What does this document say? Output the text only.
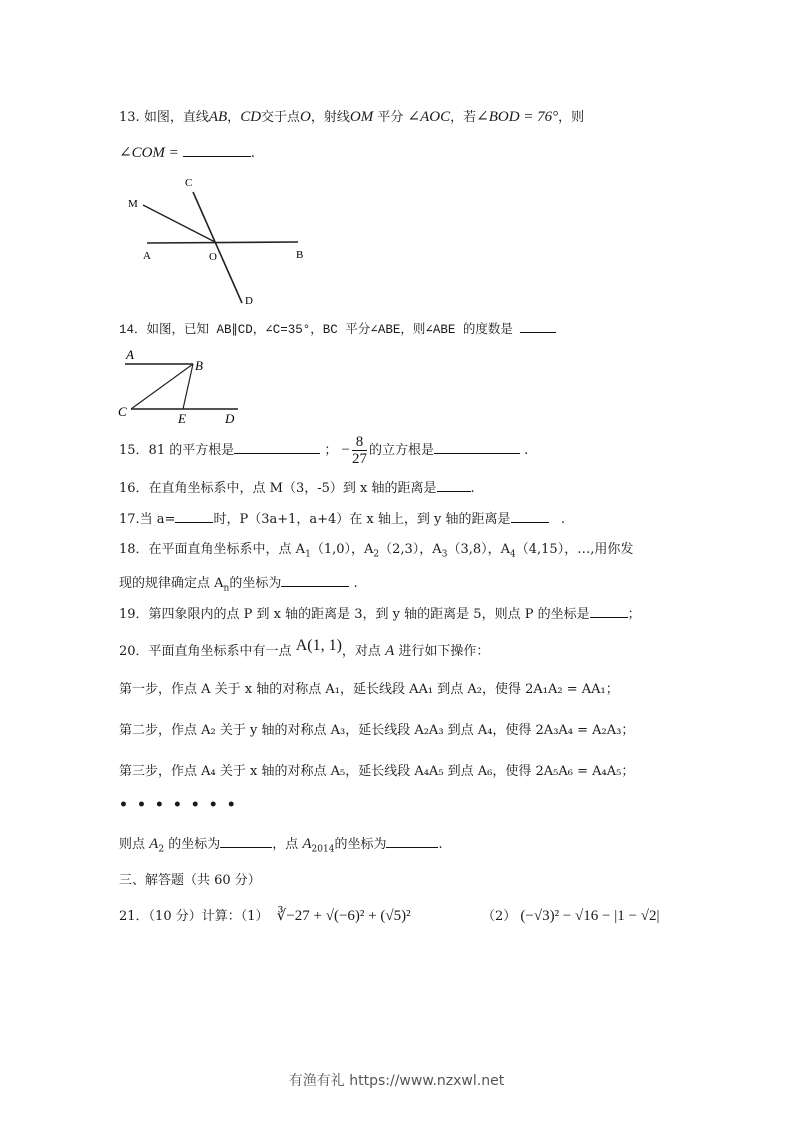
13. 如图，直线AB，CD交于点O，射线OM 平分 ∠AOC，若∠BOD = 76°，则
∠COM =	.
C
M
A	O	B
D
14．如图，已知 AB∥CD，∠C=35°，BC 平分∠ABE，则∠ABE 的度数是
A
B
C	E	D
15．81 的平方根是	； − $\frac{8}{27}$ 的立方根是	.
16．在直角坐标系中，点 M（3，-5）到 x 轴的距离是	.
17.当 a=	时，P（3a+1，a+4）在 x 轴上，到 y 轴的距离是	.
18．在平面直角坐标系中，点 $A_1(1,0)$，$A_2(2,3)$，$A_3(3,8)$，$A_4(4,15)$，…,用你发
现的规律确定点 $A_n$的坐标为	.
19．第四象限内的点 P 到 x 轴的距离是 3，到 y 轴的距离是 5，则点 P 的坐标是	；
20．平面直角坐标系中有一点 A(1, 1)，对点 A 进行如下操作：
第一步，作点 A 关于 x 轴的对称点 A₁，延长线段 AA₁ 到点 A₂，使得 2A₁A₂ = AA₁；
第二步，作点 A₂ 关于 y 轴的对称点 A₃，延长线段 A₂A₃ 到点 A₄，使得 2A₃A₄ = A₂A₃；
第三步，作点 A₄ 关于 x 轴的对称点 A₅，延长线段 A₄A₅ 到点 A₆，使得 2A₅A₆ = A₄A₅；
•••••••
则点 $A_2$ 的坐标为	，点 $A_{2014}$的坐标为	.
三、解答题（共 60 分）
21．（10 分）计算：（1） ∛−27 + √(−6)² + (√5)²	（2） (−√3)² − √16 − |1 − √2|
有渔有礼 https://www.nzxwl.net
